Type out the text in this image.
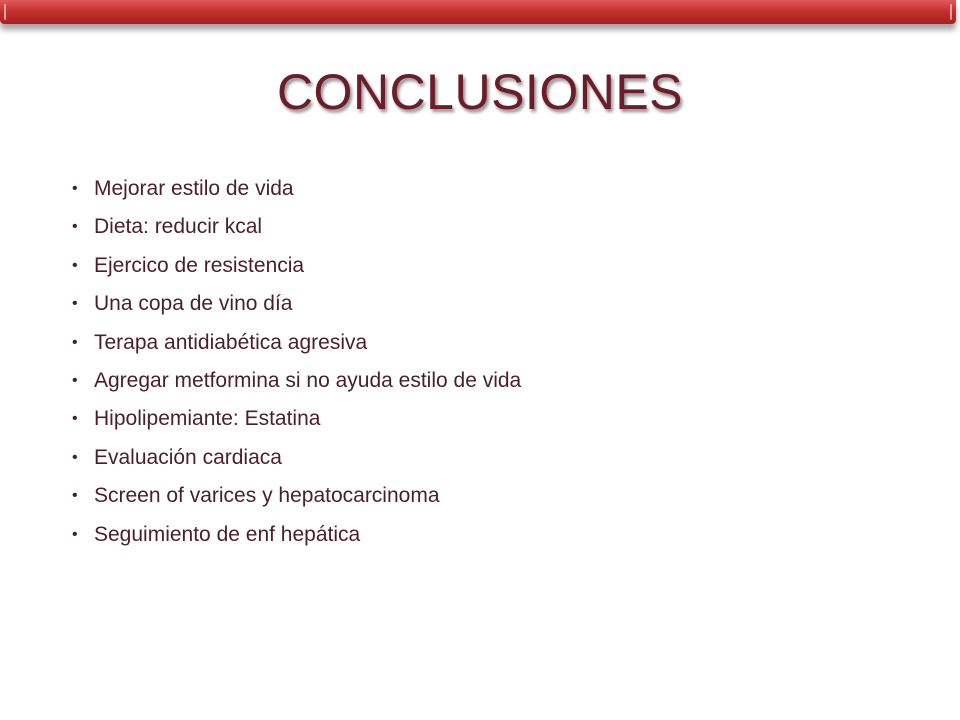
CONCLUSIONES
• Mejorar estilo de vida
• Dieta: reducir kcal
• Ejercico de resistencia
• Una copa de vino día
• Terapa antidiabética agresiva
• Agregar metformina si no ayuda estilo de vida
• Hipolipemiante: Estatina
• Evaluación cardiaca
• Screen of varices y hepatocarcinoma
• Seguimiento de enf hepática
